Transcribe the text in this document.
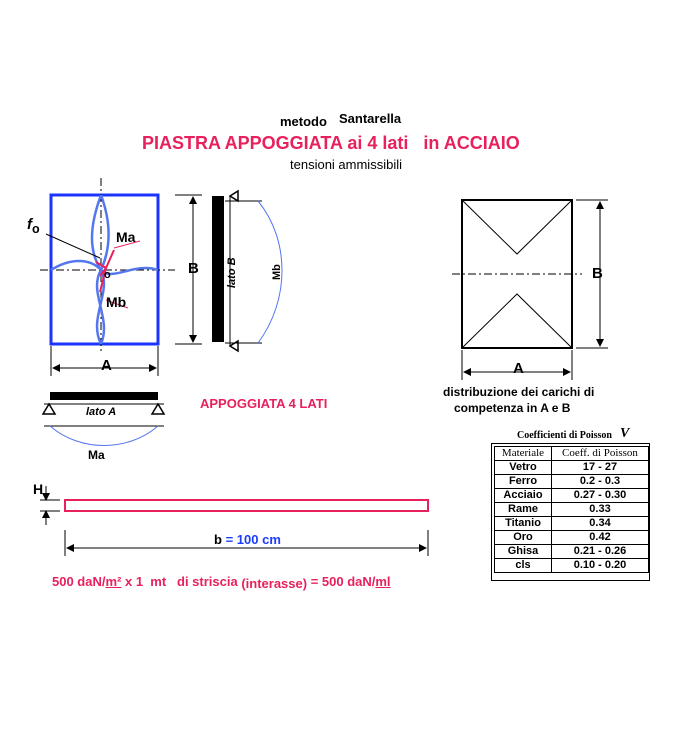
metodo Santarella
PIASTRA APPOGGIATA ai 4 lati   in ACCIAIO
tensioni ammissibili
$f_o$	Ma
o
Mb
A
B lato B	Mb
lato A
Ma
APPOGGIATA 4 LATI
A
B
distribuzione dei carichi di
competenza in A e B
Coefficienti di Poisson V
Materiale	Coeff. di Poisson
Vetro	17 - 27
Ferro	0.2 - 0.3
Acciaio	0.27 - 0.30
Rame	0.33
Titanio	0.34
Oro	0.42
Ghisa	0.21 - 0.26
cls	0.10 - 0.20
H
b = 100 cm
500 daN/m² x 1  mt   di striscia (interasse) = 500 daN/ml
